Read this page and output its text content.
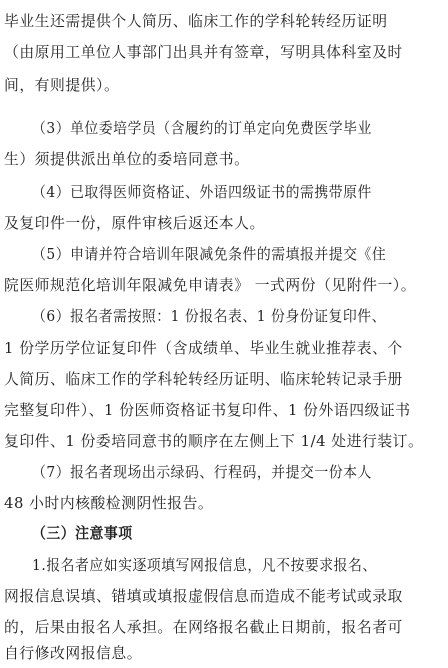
毕业生还需提供个人简历、临床工作的学科轮转经历证明
（由原用工单位人事部门出具并有签章，写明具体科室及时
间，有则提供）。
（3）单位委培学员（含履约的订单定向免费医学毕业
生）须提供派出单位的委培同意书。
（4）已取得医师资格证、外语四级证书的需携带原件
及复印件一份，原件审核后返还本人。
（5）申请并符合培训年限减免条件的需填报并提交《住
院医师规范化培训年限减免申请表》 一式两份（见附件一）。
（6）报名者需按照：1 份报名表、1 份身份证复印件、
1 份学历学位证复印件（含成绩单、毕业生就业推荐表、个
人简历、临床工作的学科轮转经历证明、临床轮转记录手册
完整复印件）、1 份医师资格证书复印件、1 份外语四级证书
复印件、1 份委培同意书的顺序在左侧上下 1/4 处进行装订。
（7）报名者现场出示绿码、行程码，并提交一份本人
48 小时内核酸检测阴性报告。
（三）注意事项
1.报名者应如实逐项填写网报信息，凡不按要求报名、
网报信息误填、错填或填报虚假信息而造成不能考试或录取
的，后果由报名人承担。在网络报名截止日期前，报名者可
自行修改网报信息。
